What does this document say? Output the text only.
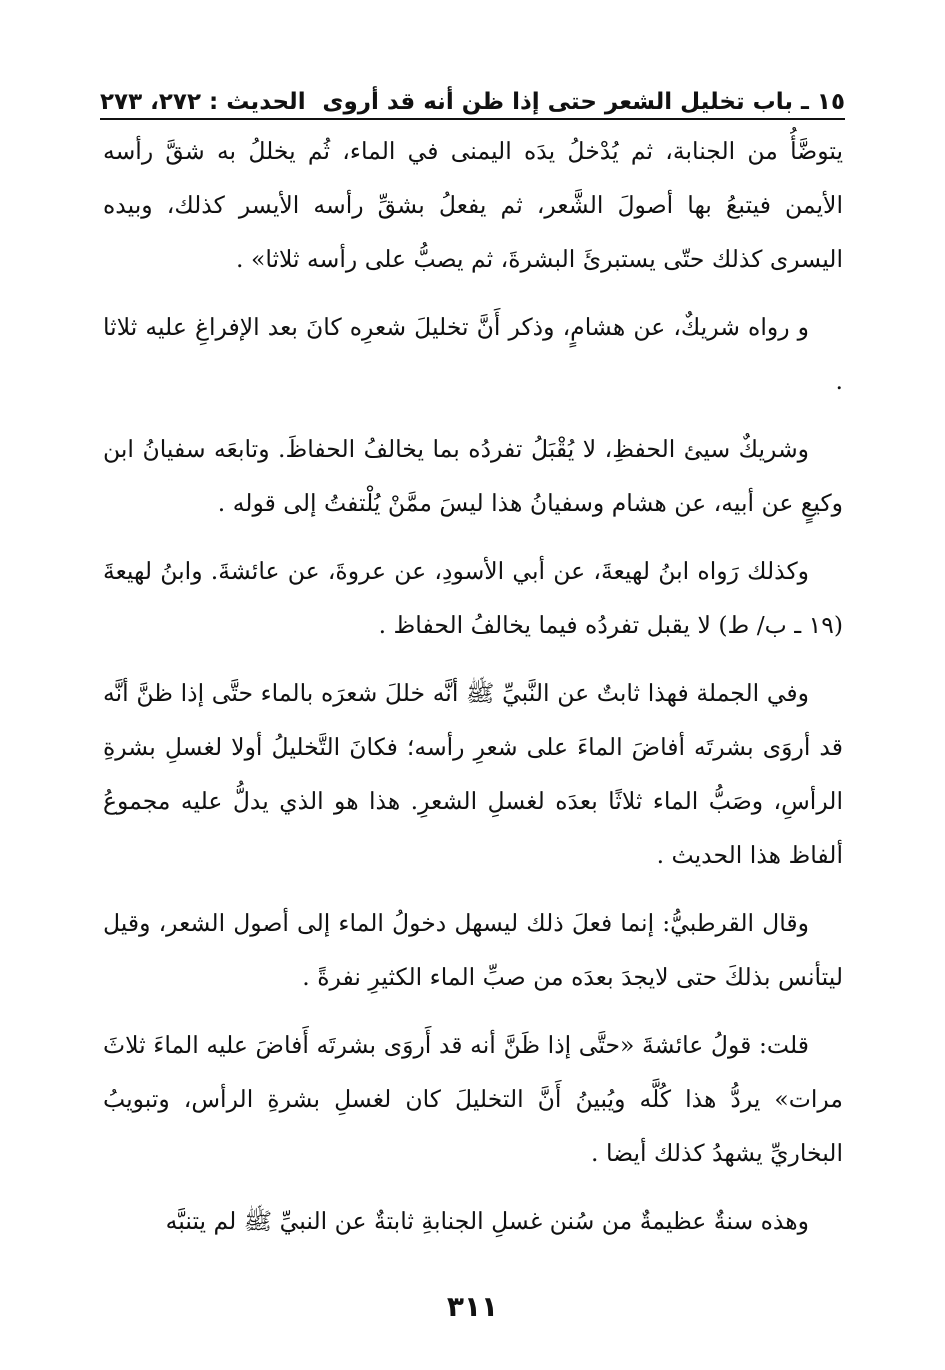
١٥ ـ باب تخليل الشعر حتى إذا ظن أنه قد أروى
الحديث : ٢٧٢، ٢٧٣

يتوضَّأُ من الجنابة، ثم يُدْخلُ يدَه اليمنى في الماء، ثُم يخللُ به شقَّ رأسه الأيمن فيتبعُ بها أصولَ الشَّعر، ثم يفعلُ بشقِّ رأسه الأيسر كذلك، وبيده اليسرى كذلك حتّى يستبرئَ البشرةَ، ثم يصبُّ على رأسه ثلاثا» .

و رواه شريكٌ، عن هشامٍ، وذكر أَنَّ تخليلَ شعرِه كانَ بعد الإفراغِ عليه ثلاثا .

وشريكٌ سيئ الحفظِ، لا يُقْبَلُ تفردُه بما يخالفُ الحفاظَ. وتابعَه سفيانُ ابن وكيعٍ عن أبيه، عن هشام وسفيانُ هذا ليسَ ممَّنْ يُلْتفتُ إلى قوله .

وكذلك رَواه ابنُ لهيعةَ، عن أبي الأسودِ، عن عروةَ، عن عائشةَ. وابنُ لهيعةَ (١٩ ـ ب/ ط) لا يقبل تفردُه فيما يخالفُ الحفاظ .

وفي الجملة فهذا ثابتٌ عن النَّبيِّ ﷺ أنَّه خللَ شعرَه بالماء حتَّى إذا ظنَّ أنَّه قد أروَى بشرتَه أفاضَ الماءَ على شعرِ رأسه؛ فكانَ التَّخليلُ أولا لغسلِ بشرةِ الرأسِ، وصَبُّ الماء ثلاثًا بعدَه لغسلِ الشعرِ. هذا هو الذي يدلُّ عليه مجموعُ ألفاظ هذا الحديث .

وقال القرطبيُّ: إنما فعلَ ذلك ليسهل دخولُ الماء إلى أصول الشعر، وقيل ليتأنس بذلكَ حتى لايجدَ بعدَه من صبِّ الماء الكثيرِ نفرةً .

قلت: قولُ عائشةَ «حتَّى إذا ظَنَّ أنه قد أَروَى بشرتَه أَفاضَ عليه الماءَ ثلاثَ مرات» يردُّ هذا كُلَّه ويُبينُ أَنَّ التخليلَ كان لغسلِ بشرةِ الرأس، وتبويبُ البخاريِّ يشهدُ كذلك أيضا .

وهذه سنةٌ عظيمةٌ من سُنن غسلِ الجنابةِ ثابتةٌ عن النبيِّ ﷺ لم يتنبَّه

٣١١
